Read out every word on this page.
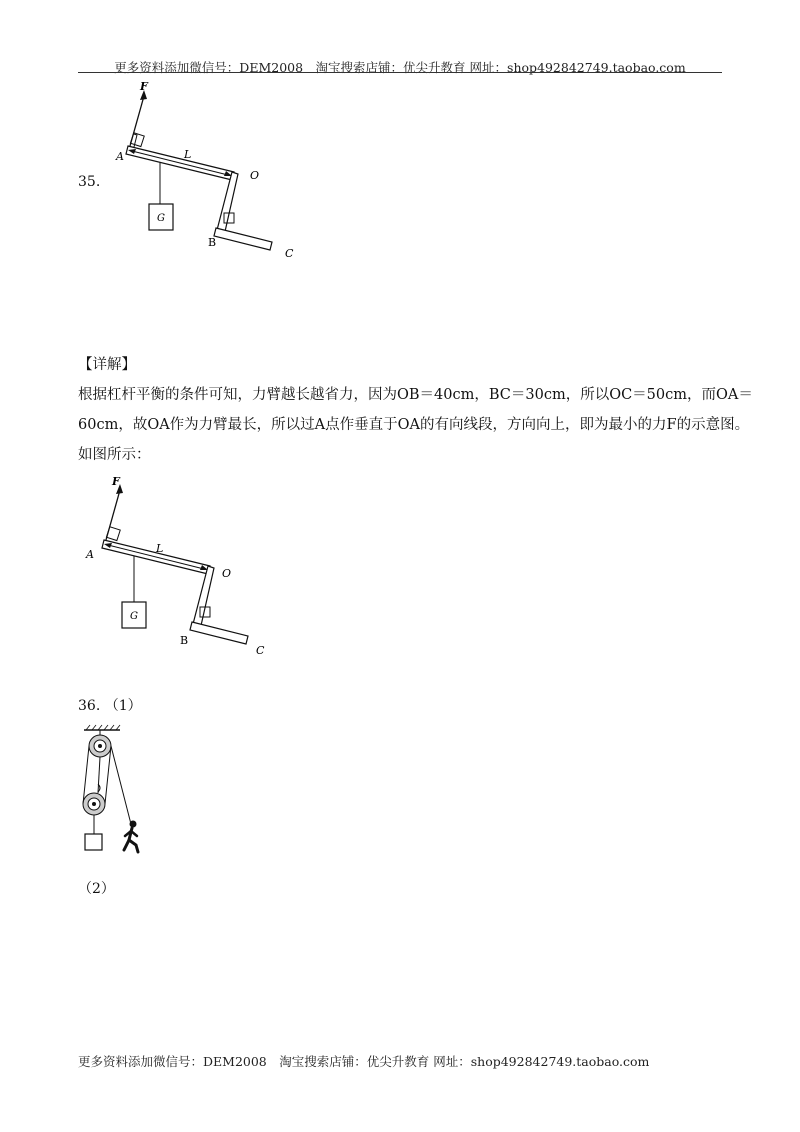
更多资料添加微信号：DEM2008　淘宝搜索店铺：优尖升教育 网址：shop492842749.taobao.com
35.
F
L
A
O
B
C
G
【详解】
根据杠杆平衡的条件可知，力臂越长越省力，因为OB＝40cm，BC＝30cm，所以OC＝50cm，而OA＝
60cm，故OA作为力臂最长，所以过A点作垂直于OA的有向线段，方向向上，即为最小的力F的示意图。
如图所示：
F
L
A
O
B
C
G
36. （1）
（2）
更多资料添加微信号：DEM2008　淘宝搜索店铺：优尖升教育 网址：shop492842749.taobao.com
